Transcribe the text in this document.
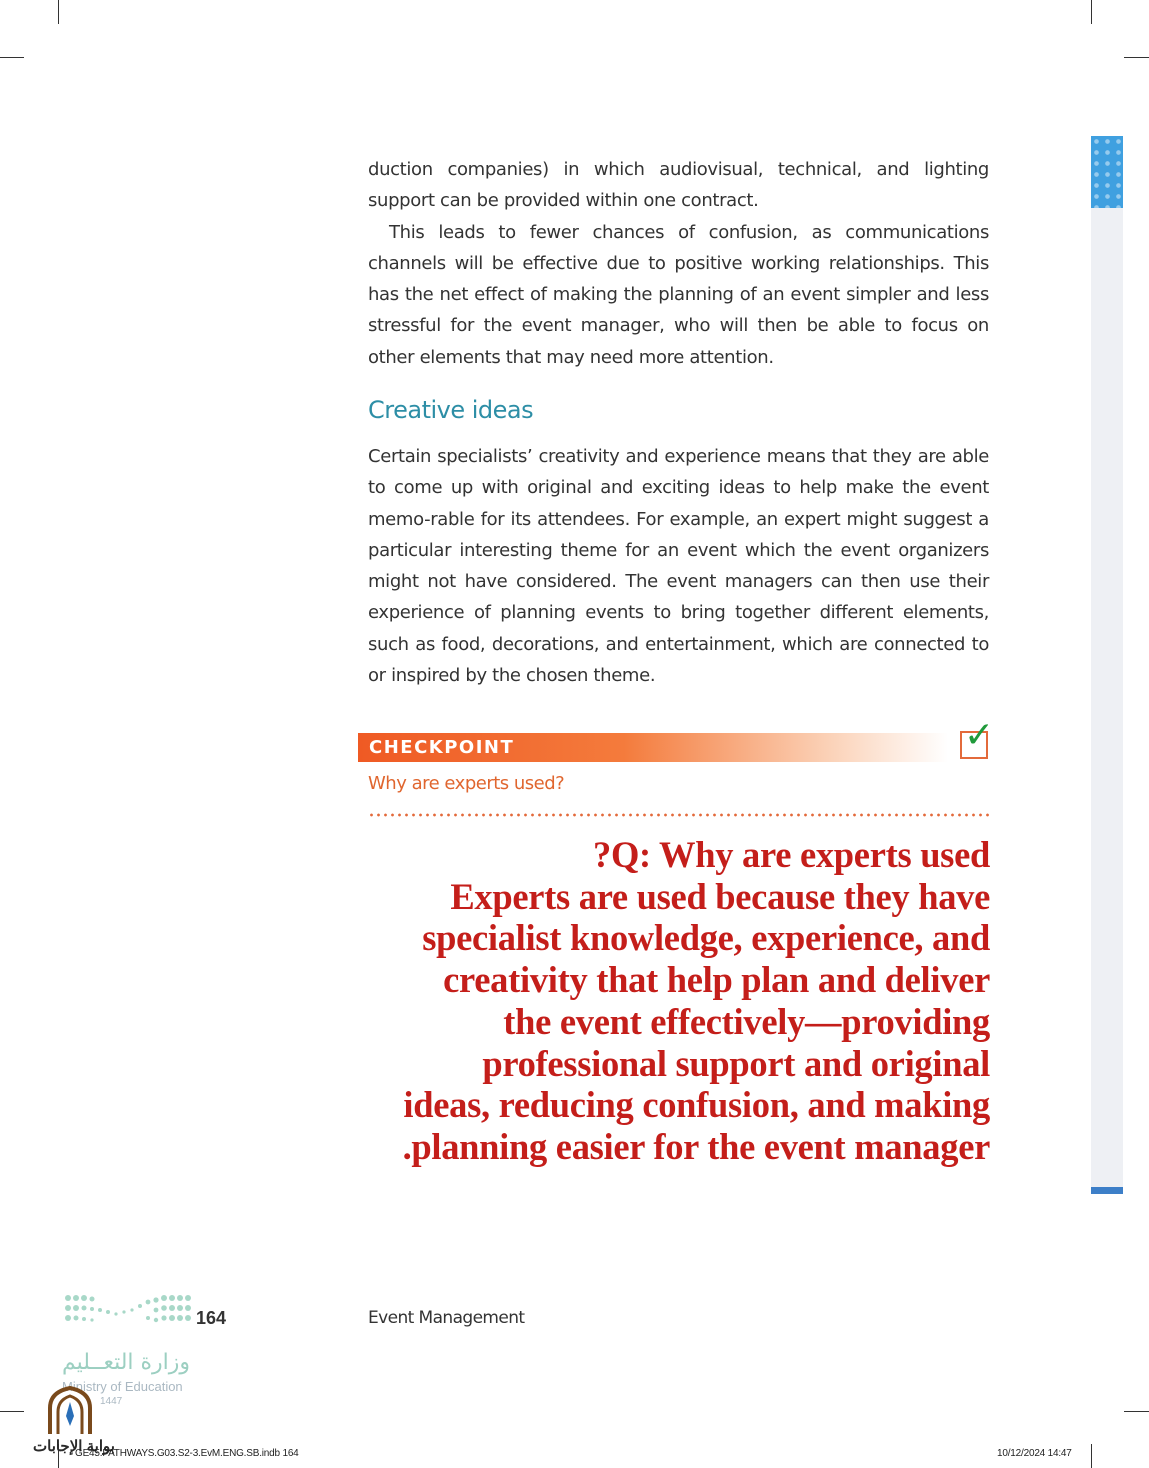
duction companies) in which audiovisual, technical, and lighting support can be provided within one contract.

This leads to fewer chances of confusion, as communications channels will be effective due to positive working relationships. This has the net effect of making the planning of an event simpler and less stressful for the event manager, who will then be able to focus on other elements that may need more attention.

Creative ideas

Certain specialists’ creativity and experience means that they are able to come up with original and exciting ideas to help make the event memo-rable for its attendees. For example, an expert might suggest a particular interesting theme for an event which the event organizers might not have considered. The event managers can then use their experience of planning events to bring together different elements, such as food, decorations, and entertainment, which are connected to or inspired by the chosen theme.

CHECKPOINT	✓
Why are experts used?
?Q: Why are experts used
Experts are used because they have
specialist knowledge, experience, and
creativity that help plan and deliver
the event effectively—providing
professional support and original
ideas, reducing confusion, and making
.planning easier for the event manager
164	Event Management
وزارة التعــليم
Ministry of Education
1447
بوابة الإجابات
GE45.PATHWAYS.G03.S2-3.EvM.ENG.SB.indb 164	10/12/2024 14:47
